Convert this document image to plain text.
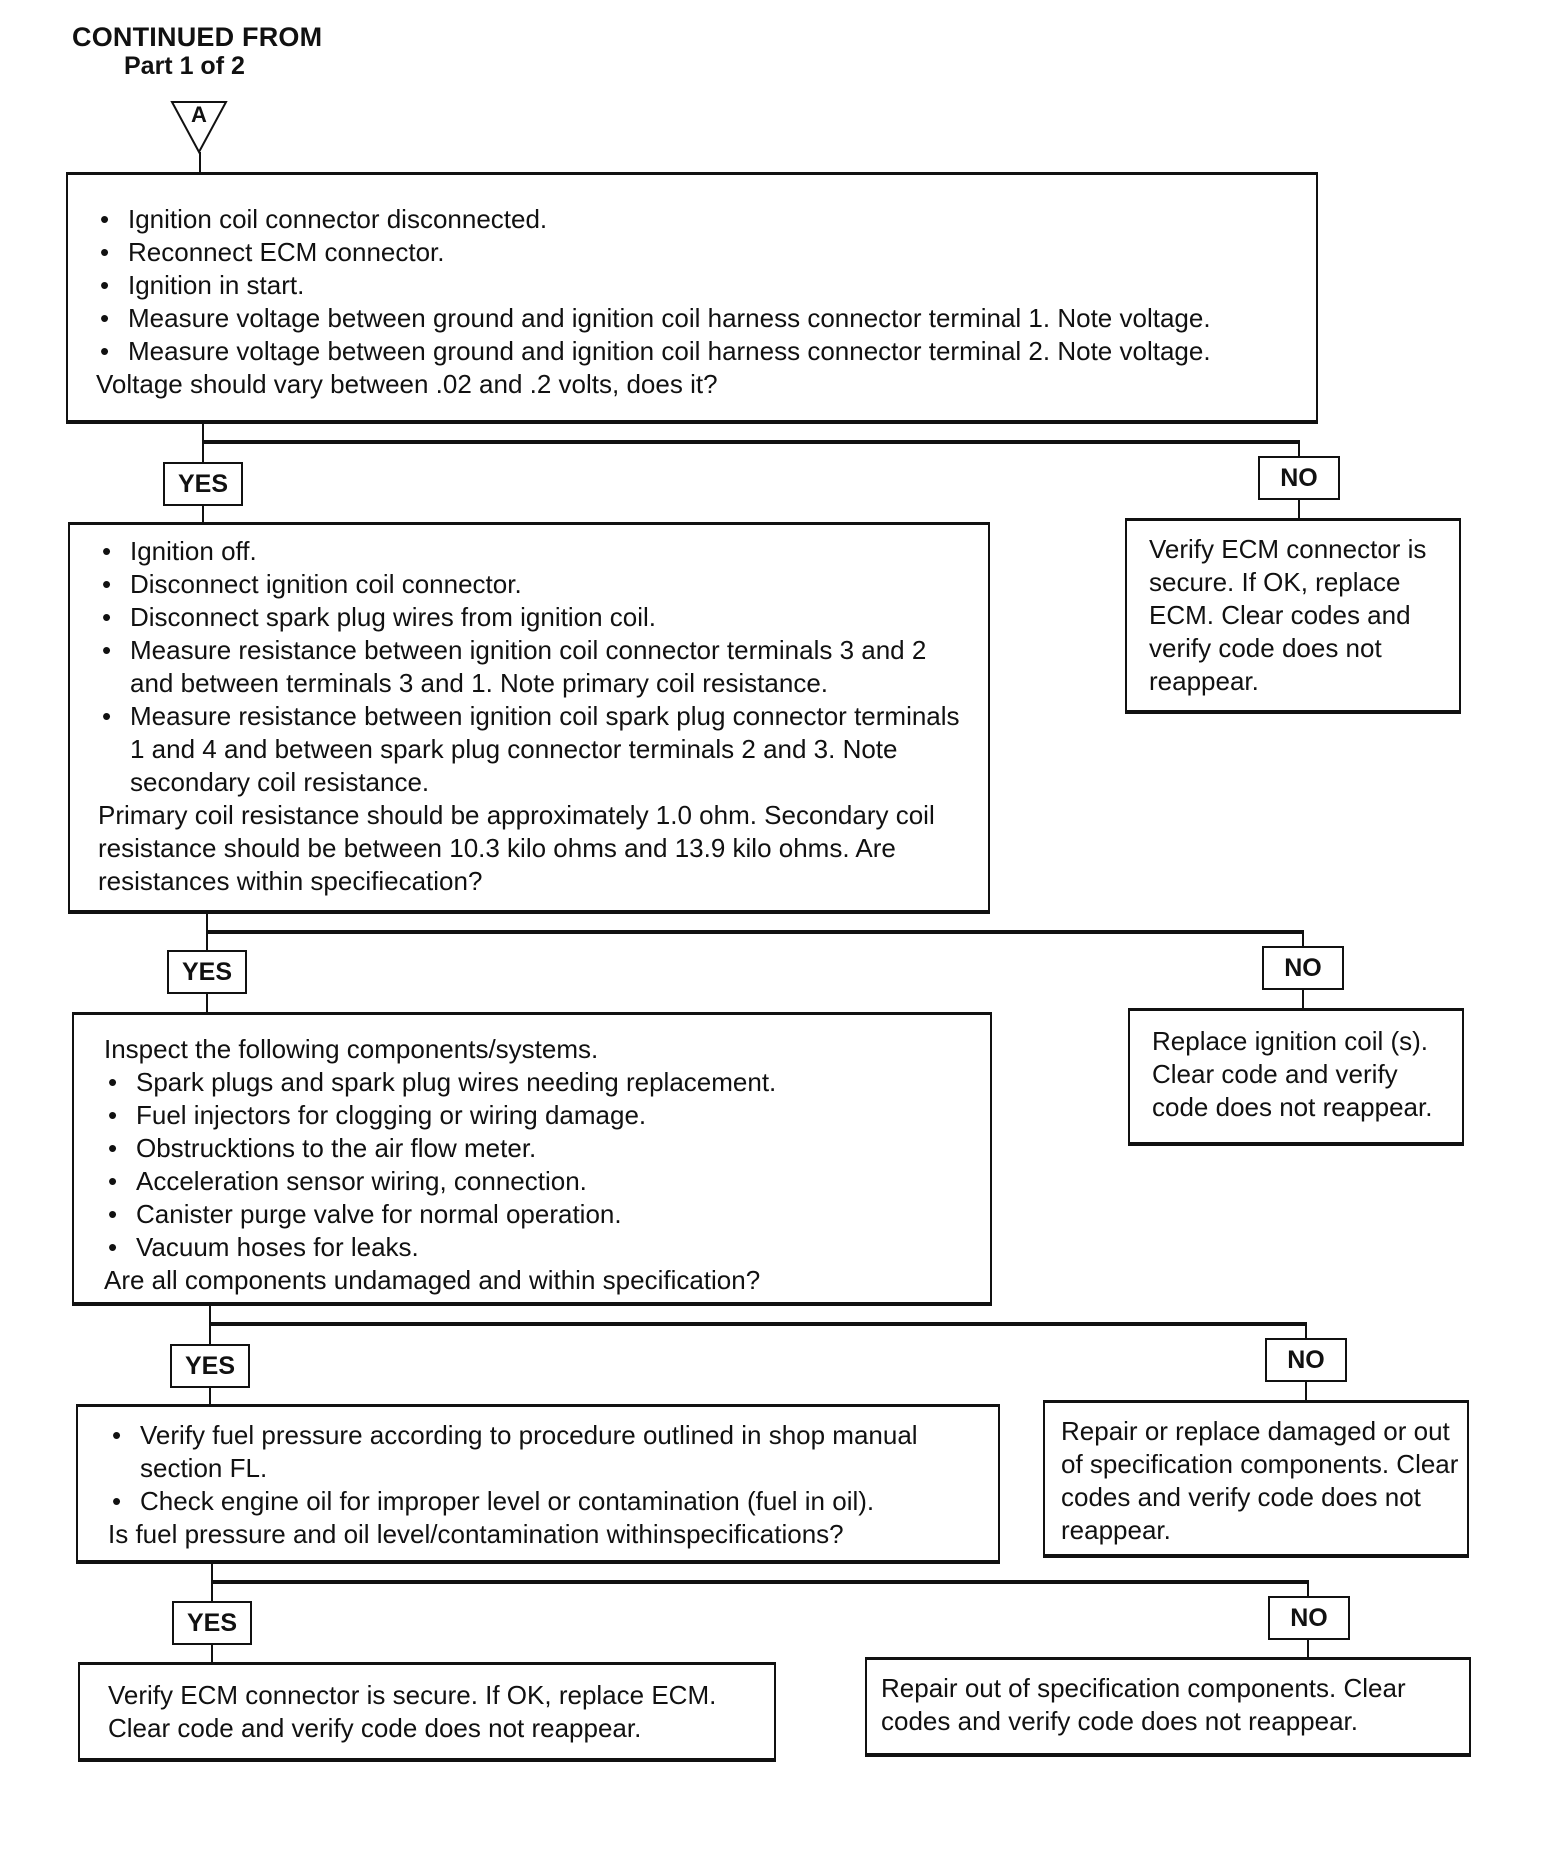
CONTINUED FROM
Part 1 of 2
A
• Ignition coil connector disconnected.
• Reconnect ECM connector.
• Ignition in start.
• Measure voltage between ground and ignition coil harness connector terminal 1. Note voltage.
• Measure voltage between ground and ignition coil harness connector terminal 2. Note voltage.

Voltage should vary between .02 and .2 volts, does it?

YES	NO

Verify ECM connector is secure. If OK, replace ECM. Clear codes and verify code does not reappear.

• Ignition off.
• Disconnect ignition coil connector.
• Disconnect spark plug wires from ignition coil.
• Measure resistance between ignition coil connector terminals 3 and 2 and between terminals 3 and 1. Note primary coil resistance.
• Measure resistance between ignition coil spark plug connector terminals 1 and 4 and between spark plug connector terminals 2 and 3. Note secondary coil resistance.

Primary coil resistance should be approximately 1.0 ohm. Secondary coil resistance should be between 10.3 kilo ohms and 13.9 kilo ohms. Are resistances within specifiecation?

YES	NO

Replace ignition coil (s). Clear code and verify code does not reappear.

Inspect the following components/systems.

• Spark plugs and spark plug wires needing replacement.
• Fuel injectors for clogging or wiring damage.
• Obstrucktions to the air flow meter.
• Acceleration sensor wiring, connection.
• Canister purge valve for normal operation.
• Vacuum hoses for leaks.

Are all components undamaged and within specification?

YES	NO

Repair or replace damaged or out of specification components. Clear codes and verify code does not reappear.

• Verify fuel pressure according to procedure outlined in shop manual section FL.
• Check engine oil for improper level or contamination (fuel in oil).

Is fuel pressure and oil level/contamination withinspecifications?

YES	NO

Verify ECM connector is secure. If OK, replace ECM. Clear code and verify code does not reappear.

Repair out of specification components. Clear codes and verify code does not reappear.
